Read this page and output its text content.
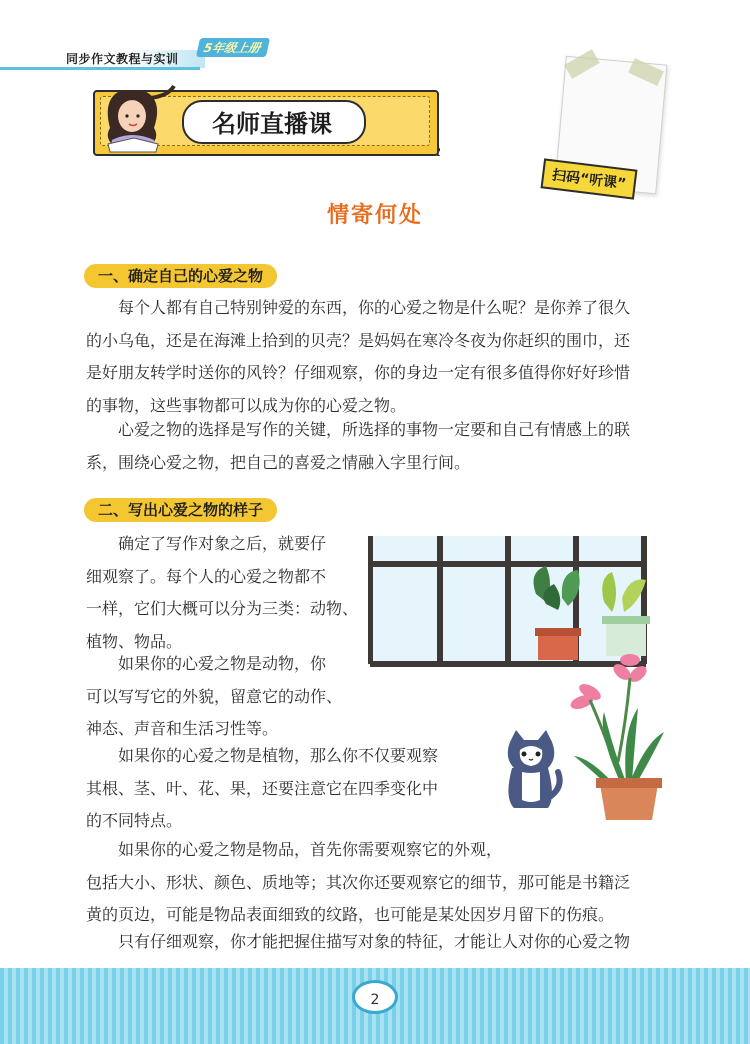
同步作文教程与实训
5年级上册
名师直播课
扫码“听课”
情寄何处
一、确定自己的心爱之物
每个人都有自己特别钟爱的东西，你的心爱之物是什么呢？是你养了很久
的小乌龟，还是在海滩上拾到的贝壳？是妈妈在寒冷冬夜为你赶织的围巾，还
是好朋友转学时送你的风铃？仔细观察，你的身边一定有很多值得你好好珍惜
的事物，这些事物都可以成为你的心爱之物。
心爱之物的选择是写作的关键，所选择的事物一定要和自己有情感上的联
系，围绕心爱之物，把自己的喜爱之情融入字里行间。
二、写出心爱之物的样子
确定了写作对象之后，就要仔
细观察了。每个人的心爱之物都不
一样，它们大概可以分为三类：动物、
植物、物品。
如果你的心爱之物是动物，你
可以写写它的外貌，留意它的动作、
神态、声音和生活习性等。
如果你的心爱之物是植物，那么你不仅要观察
其根、茎、叶、花、果，还要注意它在四季变化中
的不同特点。
如果你的心爱之物是物品，首先你需要观察它的外观，
包括大小、形状、颜色、质地等；其次你还要观察它的细节，那可能是书籍泛
黄的页边，可能是物品表面细致的纹路，也可能是某处因岁月留下的伤痕。
只有仔细观察，你才能把握住描写对象的特征，才能让人对你的心爱之物
2
